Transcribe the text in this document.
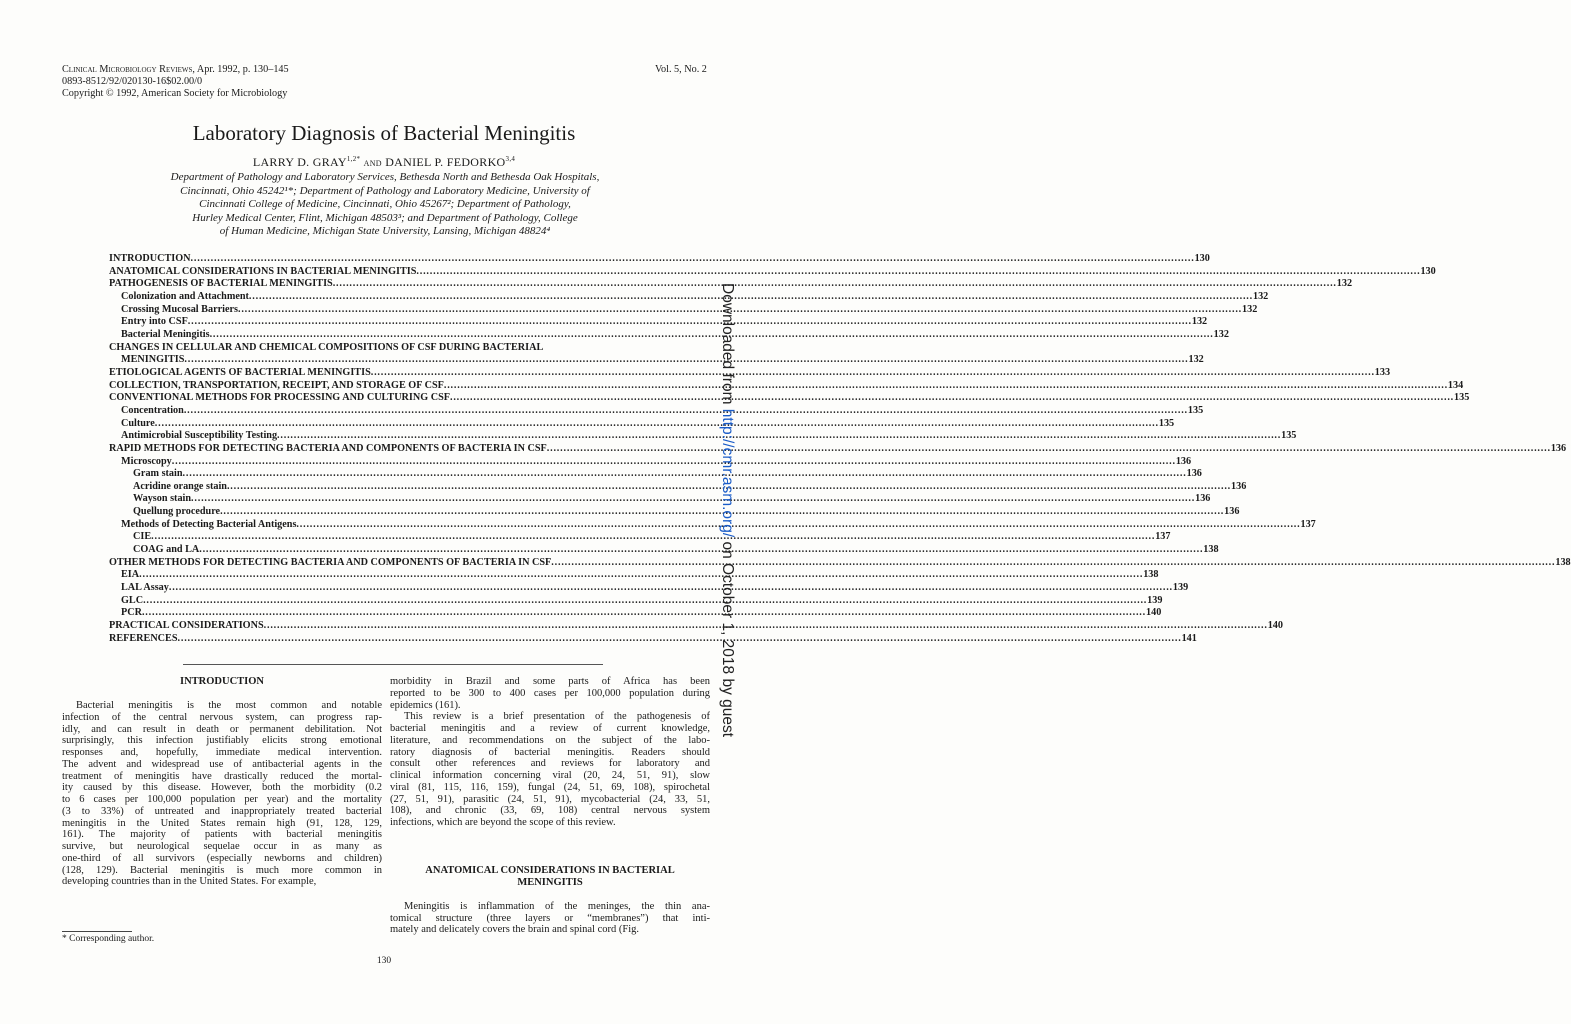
Clinical Microbiology Reviews, Apr. 1992, p. 130–145
0893-8512/92/020130-16$02.00/0
Copyright © 1992, American Society for Microbiology
Vol. 5, No. 2
Laboratory Diagnosis of Bacterial Meningitis
LARRY D. $GRAY^{1,2*}$ and DANIEL P. FEDORKO$^{3,4}$
Department of Pathology and Laboratory Services, Bethesda North and Bethesda Oak Hospitals,
Cincinnati, Ohio 45242¹*; Department of Pathology and Laboratory Medicine, University of
Cincinnati College of Medicine, Cincinnati, Ohio 45267²; Department of Pathology,
Hurley Medical Center, Flint, Michigan 48503³; and Department of Pathology, College
of Human Medicine, Michigan State University, Lansing, Michigan 48824⁴
INTRODUCTION ............................................................................................................................................................................................................................................................................................................ 130
ANATOMICAL CONSIDERATIONS IN BACTERIAL MENINGITIS ............................................................................................................................................................................................................................................................................................................ 130
PATHOGENESIS OF BACTERIAL MENINGITIS ............................................................................................................................................................................................................................................................................................................ 132
Colonization and Attachment ............................................................................................................................................................................................................................................................................................................ 132
Crossing Mucosal Barriers ............................................................................................................................................................................................................................................................................................................ 132
Entry into CSF ............................................................................................................................................................................................................................................................................................................ 132
Bacterial Meningitis ............................................................................................................................................................................................................................................................................................................ 132
CHANGES IN CELLULAR AND CHEMICAL COMPOSITIONS OF CSF DURING BACTERIAL
MENINGITIS ............................................................................................................................................................................................................................................................................................................ 132
ETIOLOGICAL AGENTS OF BACTERIAL MENINGITIS ............................................................................................................................................................................................................................................................................................................ 133
COLLECTION, TRANSPORTATION, RECEIPT, AND STORAGE OF CSF ............................................................................................................................................................................................................................................................................................................ 134
CONVENTIONAL METHODS FOR PROCESSING AND CULTURING CSF ............................................................................................................................................................................................................................................................................................................ 135
Concentration ............................................................................................................................................................................................................................................................................................................ 135
Culture ............................................................................................................................................................................................................................................................................................................ 135
Antimicrobial Susceptibility Testing ............................................................................................................................................................................................................................................................................................................ 135
RAPID METHODS FOR DETECTING BACTERIA AND COMPONENTS OF BACTERIA IN CSF ............................................................................................................................................................................................................................................................................................................ 136
Microscopy ............................................................................................................................................................................................................................................................................................................ 136
Gram stain ............................................................................................................................................................................................................................................................................................................ 136
Acridine orange stain ............................................................................................................................................................................................................................................................................................................ 136
Wayson stain ............................................................................................................................................................................................................................................................................................................ 136
Quellung procedure ............................................................................................................................................................................................................................................................................................................ 136
Methods of Detecting Bacterial Antigens ............................................................................................................................................................................................................................................................................................................ 137
CIE ............................................................................................................................................................................................................................................................................................................ 137
COAG and LA ............................................................................................................................................................................................................................................................................................................ 138
OTHER METHODS FOR DETECTING BACTERIA AND COMPONENTS OF BACTERIA IN CSF ............................................................................................................................................................................................................................................................................................................ 138
EIA ............................................................................................................................................................................................................................................................................................................ 138
LAL Assay ............................................................................................................................................................................................................................................................................................................ 139
GLC ............................................................................................................................................................................................................................................................................................................ 139
PCR ............................................................................................................................................................................................................................................................................................................ 140
PRACTICAL CONSIDERATIONS ............................................................................................................................................................................................................................................................................................................ 140
REFERENCES ............................................................................................................................................................................................................................................................................................................ 141
INTRODUCTION
Bacterial meningitis is the most common and notable
infection of the central nervous system, can progress rap-
idly, and can result in death or permanent debilitation. Not
surprisingly, this infection justifiably elicits strong emotional
responses and, hopefully, immediate medical intervention.
The advent and widespread use of antibacterial agents in the
treatment of meningitis have drastically reduced the mortal-
ity caused by this disease. However, both the morbidity (0.2
to 6 cases per 100,000 population per year) and the mortality
(3 to 33%) of untreated and inappropriately treated bacterial
meningitis in the United States remain high (91, 128, 129,
161). The majority of patients with bacterial meningitis
survive, but neurological sequelae occur in as many as
one-third of all survivors (especially newborns and children)
(128, 129). Bacterial meningitis is much more common in
developing countries than in the United States. For example,
morbidity in Brazil and some parts of Africa has been
reported to be 300 to 400 cases per 100,000 population during
epidemics (161).
This review is a brief presentation of the pathogenesis of
bacterial meningitis and a review of current knowledge,
literature, and recommendations on the subject of the labo-
ratory diagnosis of bacterial meningitis. Readers should
consult other references and reviews for laboratory and
clinical information concerning viral (20, 24, 51, 91), slow
viral (81, 115, 116, 159), fungal (24, 51, 69, 108), spirochetal
(27, 51, 91), parasitic (24, 51, 91), mycobacterial (24, 33, 51,
108), and chronic (33, 69, 108) central nervous system
infections, which are beyond the scope of this review.
ANATOMICAL CONSIDERATIONS IN BACTERIAL
MENINGITIS
Meningitis is inflammation of the meninges, the thin ana-
tomical structure (three layers or “membranes”) that inti-
mately and delicately covers the brain and spinal cord (Fig.
* Corresponding author.
130
Downloaded from http://cmr.asm.org/ on October 1, 2018 by guest
